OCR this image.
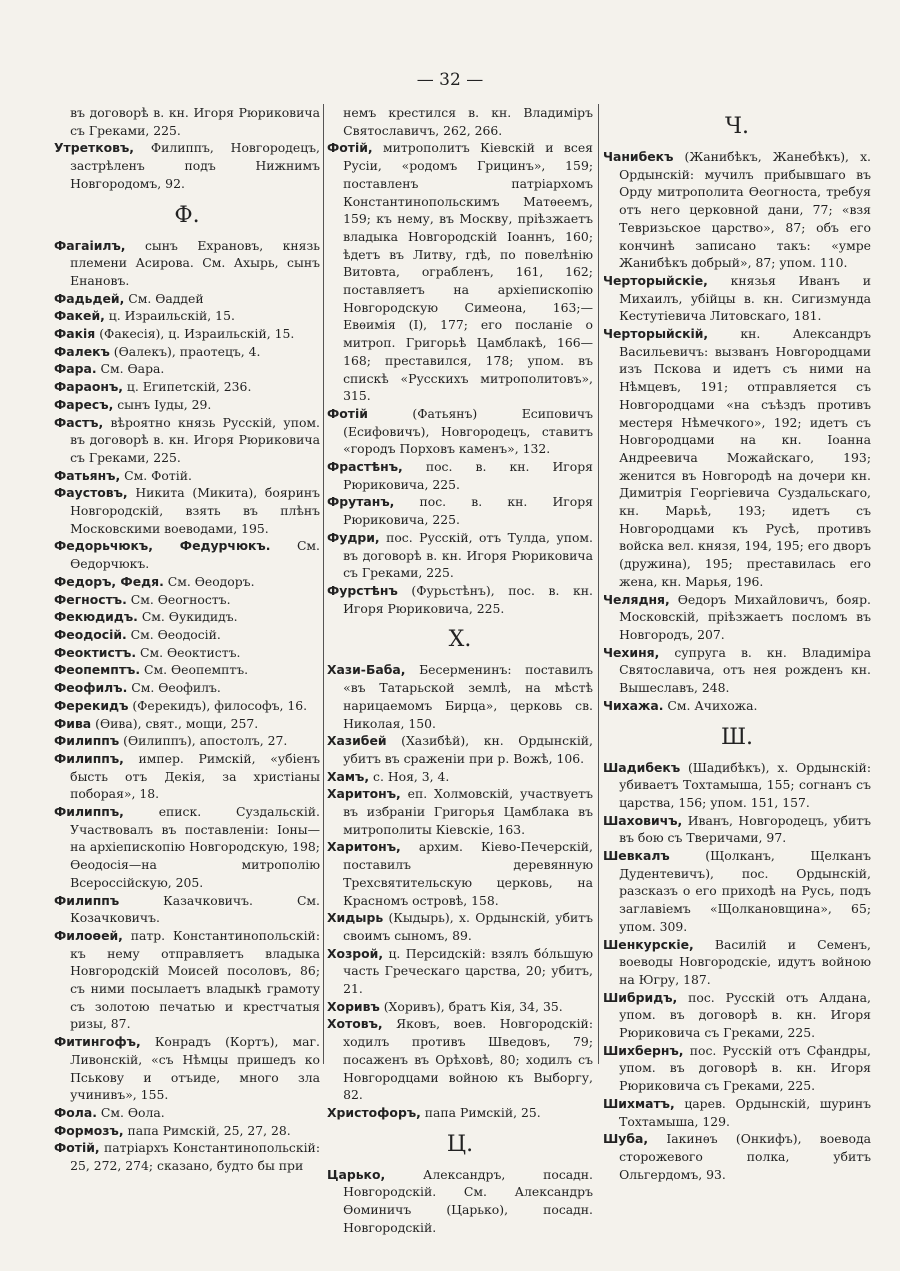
— 32 —

въ договорѣ в. кн. Игоря Рюриковича съ Греками, 225.

Утретковъ, Филиппъ, Новгородецъ, застрѣленъ подъ Нижнимъ Новгородомъ, 92.

Ф.

Фагаіилъ, сынъ Ехрановъ, князь племени Асирова. См. Ахырь, сынъ Енановъ.

Фадьдей, См. Өаддей

Факей, ц. Израильскій, 15.

Факія (Факесія), ц. Израильскій, 15.

Фалекъ (Өалекъ), праотецъ, 4.

Фара. См. Өара.

Фараонъ, ц. Египетскій, 236.

Фаресъ, сынъ Іуды, 29.

Фастъ, вѣроятно князь Русскій, упом. въ договорѣ в. кн. Игоря Рюриковича съ Греками, 225.

Фатьянъ, См. Фотій.

Фаустовъ, Никита (Микита), бояринъ Новгородскій, взять въ плѣнъ Московскими воеводами, 195.

Федорьчюкъ, Федурчюкъ. См. Өедорчюкъ.

Федоръ, Федя. См. Өеодоръ.

Фегностъ. См. Өеогностъ.

Фекюдидъ. См. Өукидидъ.

Феодосій. См. Өеодосій.

Феоктистъ. См. Өеоктистъ.

Феопемптъ. См. Өеопемптъ.

Феофилъ. См. Өеофилъ.

Ферекидъ (Ферекидъ), философъ, 16.

Фива (Өива), свят., мощи, 257.

Филиппъ (Өилиппъ), апостолъ, 27.

Филиппъ, импер. Римскій, «убіенъ бысть отъ Декія, за христіаны поборая», 18.

Филиппъ, еписк. Суздальскій. Участвовалъ въ поставленіи: Іоны—на архіепископію Новгородскую, 198; Өеодосія—на митрополію Всероссійскую, 205.

Филиппъ Казачковичъ. См. Козачковичъ.

Филоөей, патр. Константинопольскій: къ нему отправляетъ владыка Новгородскій Моисей посоловъ, 86; съ ними посылаетъ владыкѣ грамоту съ золотою печатью и крестчатыя ризы, 87.

Фитингофъ, Конрадъ (Кортъ), маг. Ливонскій, «съ Нѣмцы пришедъ ко Пськову и отъиде, много зла учинивъ», 155.

Фола. См. Өола.

Формозъ, папа Римскій, 25, 27, 28.

Фотій, патріархъ Константинопольскій: 25, 272, 274; сказано, будто бы при

немъ крестился в. кн. Владиміръ Святославичъ, 262, 266.

Фотій, митрополитъ Кіевскій и всея Русіи, «родомъ Грицинъ», 159; поставленъ патріархомъ Константинопольскимъ Матѳеемъ, 159; къ нему, въ Москву, пріѣзжаетъ владыка Новгородскій Іоаннъ, 160; ѣдетъ въ Литву, гдѣ, по повелѣнію Витовта, ограбленъ, 161, 162; поставляетъ на архіепископію Новгородскую Симеона, 163;—Евѳимія (I), 177; его посланіе о митроп. Григорьѣ Цамблакѣ, 166—168; преставился, 178; упом. въ спискѣ «Русскихъ митрополитовъ», 315.

Фотій (Фатьянъ) Есиповичъ (Есифовичъ), Новгородецъ, ставитъ «городъ Порховъ каменъ», 132.

Фрастѣнъ, пос. в. кн. Игоря Рюриковича, 225.

Фрутанъ, пос. в. кн. Игоря Рюриковича, 225.

Фудри, пос. Русскій, отъ Тулда, упом. въ договорѣ в. кн. Игоря Рюриковича съ Греками, 225.

Фурстѣнъ (Фурьстѣнъ), пос. в. кн. Игоря Рюриковича, 225.

Х.

Хази-Баба, Бесерменинъ: поставилъ «въ Татарьской землѣ, на мѣстѣ нарицаемомъ Бирца», церковь св. Николая, 150.

Хазибей (Хазибѣй), кн. Ордынскій, убитъ въ сраженіи при р. Вожѣ, 106.

Хамъ, с. Ноя, 3, 4.

Харитонъ, еп. Холмовскій, участвуетъ въ избраніи Григорья Цамблака въ митрополиты Кіевскіе, 163.

Харитонъ, архим. Кіево-Печерскій, поставилъ деревянную Трехсвятительскую церковь, на Красномъ островѣ, 158.

Хидырь (Кыдырь), х. Ордынскій, убитъ своимъ сыномъ, 89.

Хозрой, ц. Персидскій: взялъ бóльшую часть Греческаго царства, 20; убитъ, 21.

Хоривъ (Хоривъ), братъ Кія, 34, 35.

Хотовъ, Яковъ, воев. Новгородскій: ходилъ противъ Шведовъ, 79; посаженъ въ Орѣховѣ, 80; ходилъ съ Новгородцами войною къ Выборгу, 82.

Христофоръ, папа Римскій, 25.

Ц.

Царько, Александръ, посадн. Новгородскій. См. Александръ Өоминичъ (Царько), посадн. Новгородскій.

Ч.

Чанибекъ (Жанибѣкъ, Жанебѣкъ), х. Ордынскій: мучилъ прибывшаго въ Орду митрополита Өеогноста, требуя отъ него церковной дани, 77; «взя Тевризьское царство», 87; объ его кончинѣ записано такъ: «умре Жанибѣкъ добрый», 87; упом. 110.

Черторыйскіе, князья Иванъ и Михаилъ, убійцы в. кн. Сигизмунда Кестутіевича Литовскаго, 181.

Черторыйскій, кн. Александръ Васильевичъ: вызванъ Новгородцами изъ Пскова и идетъ съ ними на Нѣмцевъ, 191; отправляется съ Новгородцами «на съѣздъ противъ местеря Нѣмечкого», 192; идетъ съ Новгородцами на кн. Іоанна Андреевича Можайскаго, 193; женится въ Новгородѣ на дочери кн. Димитрія Георгіевича Суздальскаго, кн. Марьѣ, 193; идетъ съ Новгородцами къ Русѣ, противъ войска вел. князя, 194, 195; его дворъ (дружина), 195; преставилась его жена, кн. Марья, 196.

Челядня, Өедоръ Михайловичъ, бояр. Московскій, пріѣзжаетъ посломъ въ Новгородъ, 207.

Чехиня, супруга в. кн. Владиміра Святославича, отъ нея рожденъ кн. Вышеславъ, 248.

Чихажа. См. Ачихожа.

Ш.

Шадибекъ (Шадибѣкъ), х. Ордынскій: убиваетъ Тохтамыша, 155; согнанъ съ царства, 156; упом. 151, 157.

Шаховичъ, Иванъ, Новгородецъ, убитъ въ бою съ Тверичами, 97.

Шевкалъ (Щолканъ, Щелканъ Дудентевичъ), пос. Ордынскій, разсказъ о его приходѣ на Русь, подъ заглавіемъ «Щолкановщина», 65; упом. 309.

Шенкурскіе, Василій и Семенъ, воеводы Новгородскіе, идутъ войною на Югру, 187.

Шибридъ, пос. Русскій отъ Алдана, упом. въ договорѣ в. кн. Игоря Рюриковича съ Греками, 225.

Шихбернъ, пос. Русскій отъ Сфандры, упом. въ договорѣ в. кн. Игоря Рюриковича съ Греками, 225.

Шихматъ, царев. Ордынскій, шуринъ Тохтамыша, 129.

Шуба, Іакинѳъ (Онкифъ), воевода сторожевого полка, убитъ Ольгердомъ, 93.
